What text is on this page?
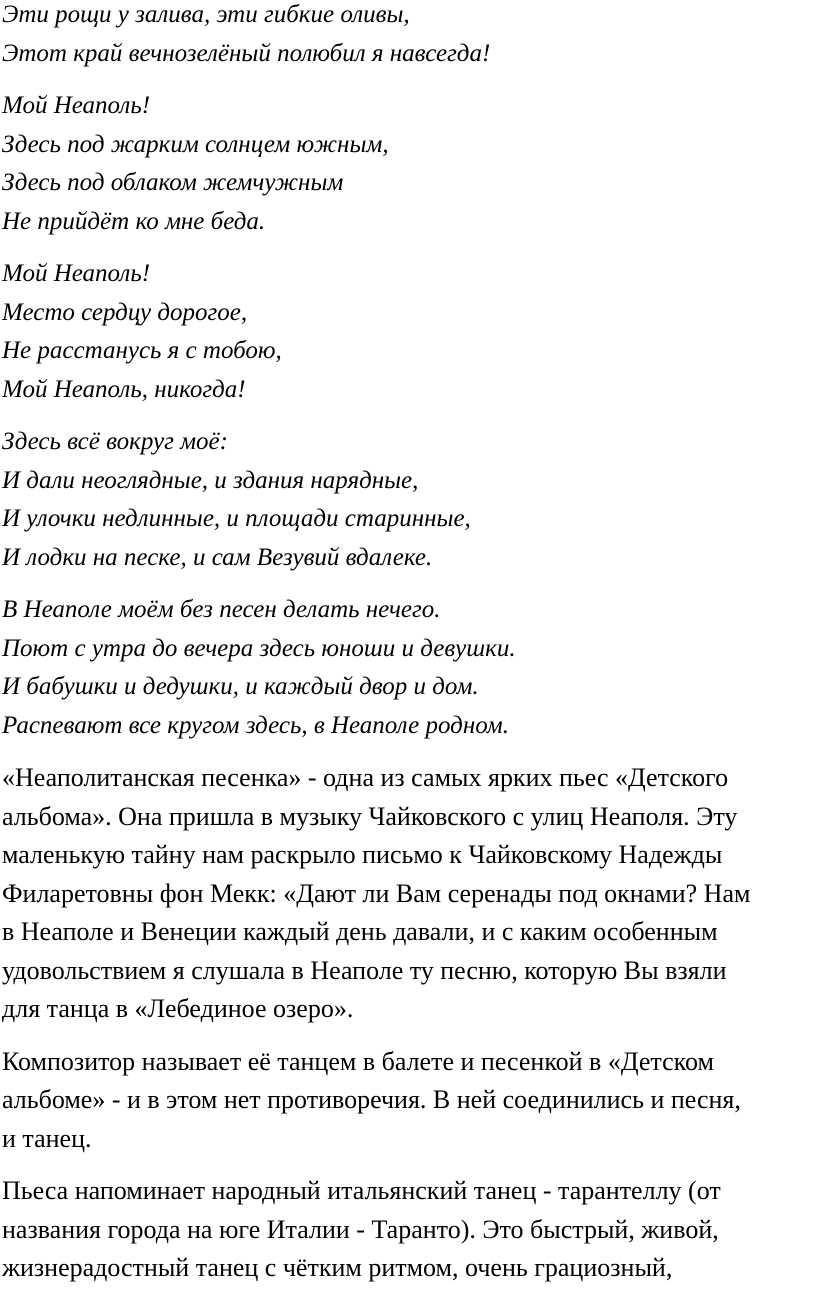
Эти рощи у залива, эти гибкие оливы,
Этот край вечнозелёный полюбил я навсегда!
Мой Неаполь!
Здесь под жарким солнцем южным,
Здесь под облаком жемчужным
Не прийдёт ко мне беда.
Мой Неаполь!
Место сердцу дорогое,
Не расстанусь я с тобою,
Мой Неаполь, никогда!
Здесь всё вокруг моё:
И дали неоглядные, и здания нарядные,
И улочки недлинные, и площади старинные,
И лодки на песке, и сам Везувий вдалеке.
В Неаполе моём без песен делать нечего.
Поют с утра до вечера здесь юноши и девушки.
И бабушки и дедушки, и каждый двор и дом.
Распевают все кругом здесь, в Неаполе родном.
«Неаполитанская песенка» - одна из самых ярких пьес «Детского
альбома». Она пришла в музыку Чайковского с улиц Неаполя. Эту
маленькую тайну нам раскрыло письмо к Чайковскому Надежды
Филаретовны фон Мекк: «Дают ли Вам серенады под окнами? Нам
в Неаполе и Венеции каждый день давали, и с каким особенным
удовольствием я слушала в Неаполе ту песню, которую Вы взяли
для танца в «Лебединое озеро».
Композитор называет её танцем в балете и песенкой в «Детском
альбоме» - и в этом нет противоречия. В ней соединились и песня,
и танец.
Пьеса напоминает народный итальянский танец - тарантеллу (от
названия города на юге Италии - Таранто). Это быстрый, живой,
жизнерадостный танец с чётким ритмом, очень грациозный,
